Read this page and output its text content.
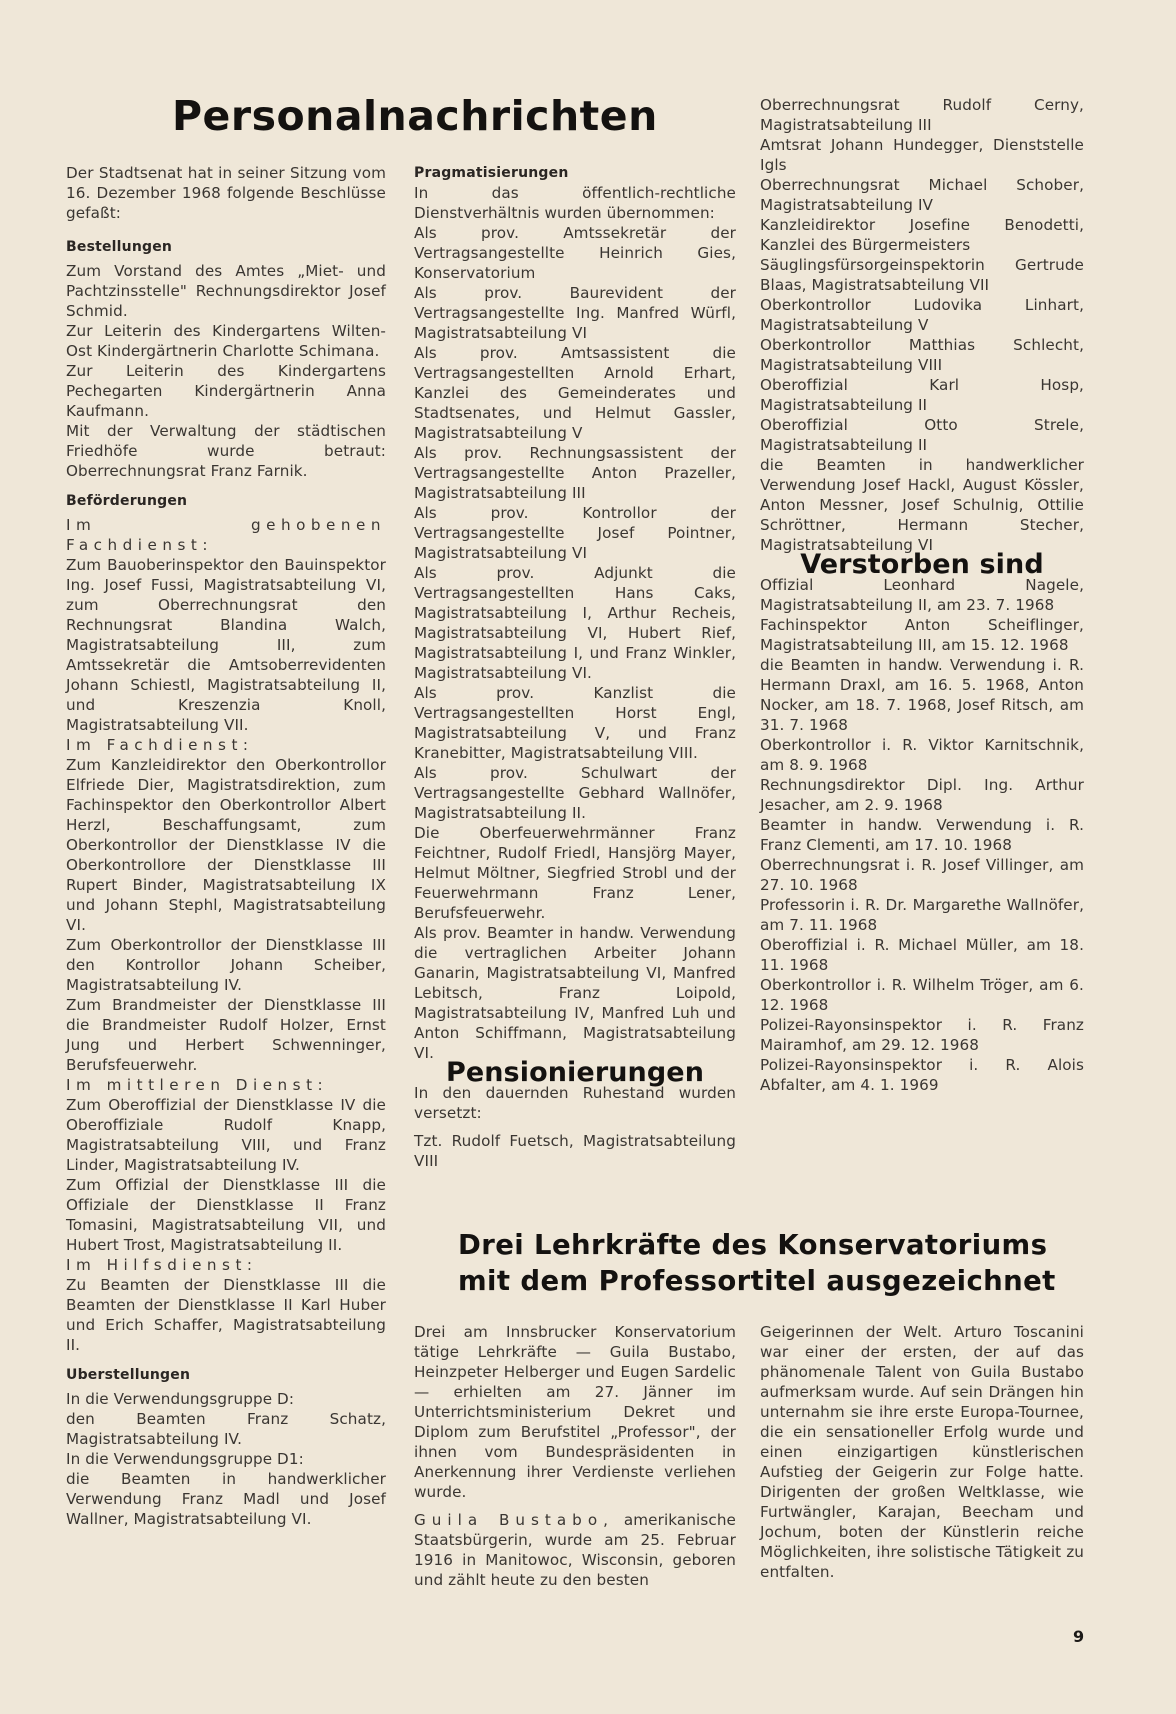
Personalnachrichten

Der Stadtsenat hat in seiner Sitzung vom 16. Dezember 1968 folgende Beschlüsse gefaßt:

Bestellungen

Zum Vorstand des Amtes „Miet- und Pachtzinsstelle" Rechnungsdirektor Josef Schmid.

Zur Leiterin des Kindergartens Wilten-Ost Kindergärtnerin Charlotte Schimana.

Zur Leiterin des Kindergartens Pechegarten Kindergärtnerin Anna Kaufmann.

Mit der Verwaltung der städtischen Friedhöfe wurde betraut: Oberrechnungsrat Franz Farnik.

Beförderungen

Im gehobenen Fachdienst:

Zum Bauoberinspektor den Bauinspektor Ing. Josef Fussi, Magistratsabteilung VI, zum Oberrechnungsrat den Rechnungsrat Blandina Walch, Magistratsabteilung III, zum Amtssekretär die Amtsoberrevidenten Johann Schiestl, Magistratsabteilung II, und Kreszenzia Knoll, Magistratsabteilung VII.

Im Fachdienst:

Zum Kanzleidirektor den Oberkontrollor Elfriede Dier, Magistratsdirektion, zum Fachinspektor den Oberkontrollor Albert Herzl, Beschaffungsamt, zum Oberkontrollor der Dienstklasse IV die Oberkontrollore der Dienstklasse III Rupert Binder, Magistratsabteilung IX und Johann Stephl, Magistratsabteilung VI.

Zum Oberkontrollor der Dienstklasse III den Kontrollor Johann Scheiber, Magistratsabteilung IV.

Zum Brandmeister der Dienstklasse III die Brandmeister Rudolf Holzer, Ernst Jung und Herbert Schwenninger, Berufsfeuerwehr.

Im mittleren Dienst:

Zum Oberoffizial der Dienstklasse IV die Oberoffiziale Rudolf Knapp, Magistratsabteilung VIII, und Franz Linder, Magistratsabteilung IV.

Zum Offizial der Dienstklasse III die Offiziale der Dienstklasse II Franz Tomasini, Magistratsabteilung VII, und Hubert Trost, Magistratsabteilung II.

Im Hilfsdienst:

Zu Beamten der Dienstklasse III die Beamten der Dienstklasse II Karl Huber und Erich Schaffer, Magistratsabteilung II.

Uberstellungen

In die Verwendungsgruppe D:

den Beamten Franz Schatz, Magistratsabteilung IV.

In die Verwendungsgruppe D1:

die Beamten in handwerklicher Verwendung Franz Madl und Josef Wallner, Magistratsabteilung VI.

Pragmatisierungen

In das öffentlich-rechtliche Dienstverhältnis wurden übernommen:

Als prov. Amtssekretär der Vertragsangestellte Heinrich Gies, Konservatorium

Als prov. Baurevident der Vertragsangestellte Ing. Manfred Würfl, Magistratsabteilung VI

Als prov. Amtsassistent die Vertragsangestellten Arnold Erhart, Kanzlei des Gemeinderates und Stadtsenates, und Helmut Gassler, Magistratsabteilung V

Als prov. Rechnungsassistent der Vertragsangestellte Anton Prazeller, Magistratsabteilung III

Als prov. Kontrollor der Vertragsangestellte Josef Pointner, Magistratsabteilung VI

Als prov. Adjunkt die Vertragsangestellten Hans Caks, Magistratsabteilung I, Arthur Recheis, Magistratsabteilung VI, Hubert Rief, Magistratsabteilung I, und Franz Winkler, Magistratsabteilung VI.

Als prov. Kanzlist die Vertragsangestellten Horst Engl, Magistratsabteilung V, und Franz Kranebitter, Magistratsabteilung VIII.

Als prov. Schulwart der Vertragsangestellte Gebhard Wallnöfer, Magistratsabteilung II.

Die Oberfeuerwehrmänner Franz Feichtner, Rudolf Friedl, Hansjörg Mayer, Helmut Möltner, Siegfried Strobl und der Feuerwehrmann Franz Lener, Berufsfeuerwehr.

Als prov. Beamter in handw. Verwendung die vertraglichen Arbeiter Johann Ganarin, Magistratsabteilung VI, Manfred Lebitsch, Franz Loipold, Magistratsabteilung IV, Manfred Luh und Anton Schiffmann, Magistratsabteilung VI.

Pensionierungen

In den dauernden Ruhestand wurden versetzt:

Tzt. Rudolf Fuetsch, Magistratsabteilung VIII

Oberrechnungsrat Rudolf Cerny, Magistratsabteilung III

Amtsrat Johann Hundegger, Dienststelle Igls

Oberrechnungsrat Michael Schober, Magistratsabteilung IV

Kanzleidirektor Josefine Benodetti, Kanzlei des Bürgermeisters

Säuglingsfürsorgeinspektorin Gertrude Blaas, Magistratsabteilung VII

Oberkontrollor Ludovika Linhart, Magistratsabteilung V

Oberkontrollor Matthias Schlecht, Magistratsabteilung VIII

Oberoffizial Karl Hosp, Magistratsabteilung II

Oberoffizial Otto Strele, Magistratsabteilung II

die Beamten in handwerklicher Verwendung Josef Hackl, August Kössler, Anton Messner, Josef Schulnig, Ottilie Schröttner, Hermann Stecher, Magistratsabteilung VI

Verstorben sind

Offizial Leonhard Nagele, Magistratsabteilung II, am 23. 7. 1968

Fachinspektor Anton Scheiflinger, Magistratsabteilung III, am 15. 12. 1968

die Beamten in handw. Verwendung i. R. Hermann Draxl, am 16. 5. 1968, Anton Nocker, am 18. 7. 1968, Josef Ritsch, am 31. 7. 1968

Oberkontrollor i. R. Viktor Karnitschnik, am 8. 9. 1968

Rechnungsdirektor Dipl. Ing. Arthur Jesacher, am 2. 9. 1968

Beamter in handw. Verwendung i. R. Franz Clementi, am 17. 10. 1968

Oberrechnungsrat i. R. Josef Villinger, am 27. 10. 1968

Professorin i. R. Dr. Margarethe Wallnöfer, am 7. 11. 1968

Oberoffizial i. R. Michael Müller, am 18. 11. 1968

Oberkontrollor i. R. Wilhelm Tröger, am 6. 12. 1968

Polizei-Rayonsinspektor i. R. Franz Mairamhof, am 29. 12. 1968

Polizei-Rayonsinspektor i. R. Alois Abfalter, am 4. 1. 1969

Drei Lehrkräfte des Konservatoriums
mit dem Professortitel ausgezeichnet

Drei am Innsbrucker Konservatorium tätige Lehrkräfte — Guila Bustabo, Heinzpeter Helberger und Eugen Sardelic — erhielten am 27. Jänner im Unterrichtsministerium Dekret und Diplom zum Berufstitel „Professor", der ihnen vom Bundespräsidenten in Anerkennung ihrer Verdienste verliehen wurde.

Guila Bustabo, amerikanische Staatsbürgerin, wurde am 25. Februar 1916 in Manitowoc, Wisconsin, geboren und zählt heute zu den besten

Geigerinnen der Welt. Arturo Toscanini war einer der ersten, der auf das phänomenale Talent von Guila Bustabo aufmerksam wurde. Auf sein Drängen hin unternahm sie ihre erste Europa-Tournee, die ein sensationeller Erfolg wurde und einen einzigartigen künstlerischen Aufstieg der Geigerin zur Folge hatte. Dirigenten der großen Weltklasse, wie Furtwängler, Karajan, Beecham und Jochum, boten der Künstlerin reiche Möglichkeiten, ihre solistische Tätigkeit zu entfalten.

9
